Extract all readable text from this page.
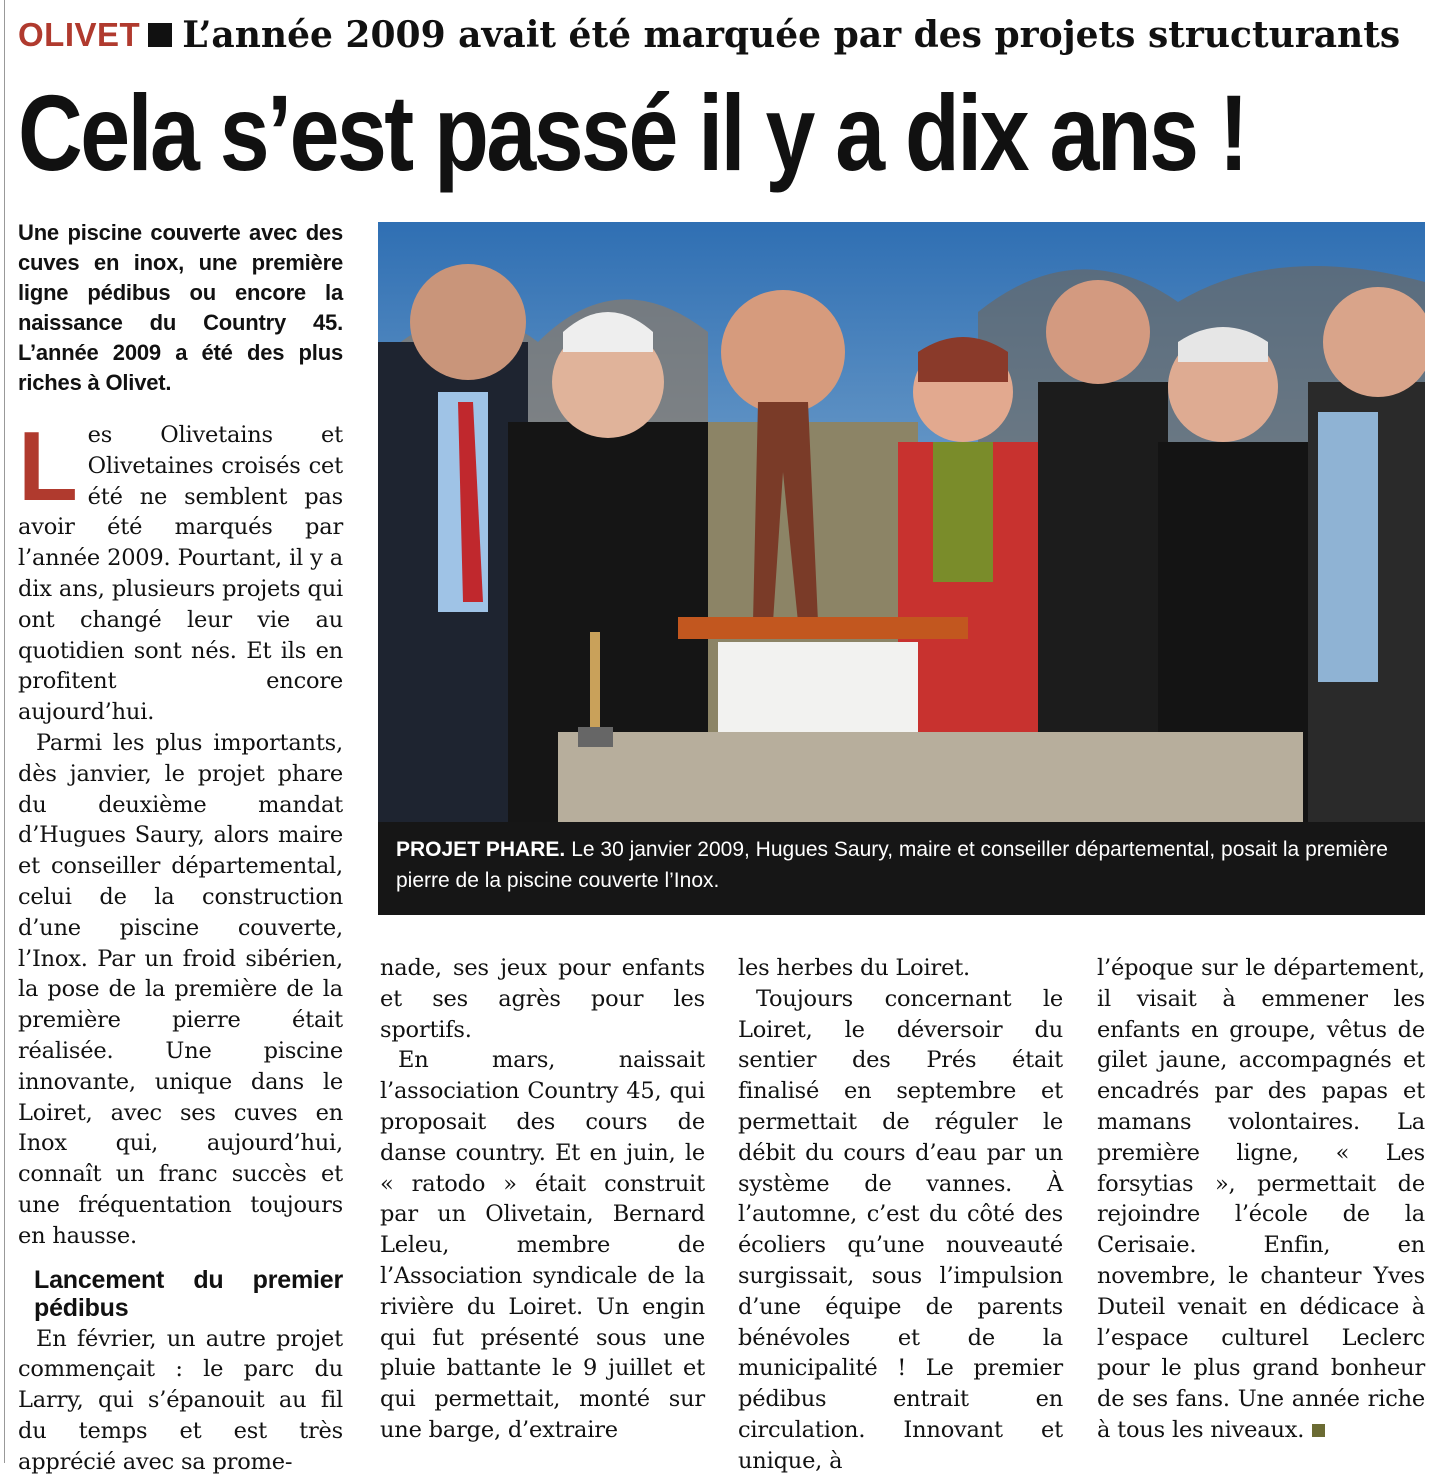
OLIVET L’année 2009 avait été marquée par des projets structurants
Cela s’est passé il y a dix ans !

Une piscine couverte avec des cuves en inox, une première ligne pédibus ou encore la naissance du Country 45. L’année 2009 a été des plus riches à Olivet.

PROJET PHARE. Le 30 janvier 2009, Hugues Saury, maire et conseiller départemental, posait la première pierre de la piscine couverte l’Inox.

Les Olivetains et Olivetaines croisés cet été ne semblent pas avoir été marqués par l’année 2009. Pourtant, il y a dix ans, plusieurs projets qui ont changé leur vie au quotidien sont nés. Et ils en profitent encore aujourd’hui.

Parmi les plus importants, dès janvier, le projet phare du deuxième mandat d’Hugues Saury, alors maire et conseiller départemental, celui de la construction d’une piscine couverte, l’Inox. Par un froid sibérien, la pose de la première de la première pierre était réalisée. Une piscine innovante, unique dans le Loiret, avec ses cuves en Inox qui, aujourd’hui, connaît un franc succès et une fréquentation toujours en hausse.

Lancement du premier pédibus

En février, un autre projet commençait : le parc du Larry, qui s’épanouit au fil du temps et est très apprécié avec sa prome-

nade, ses jeux pour enfants et ses agrès pour les sportifs.

En mars, naissait l’association Country 45, qui proposait des cours de danse country. Et en juin, le « ratodo » était construit par un Olivetain, Bernard Leleu, membre de l’Association syndicale de la rivière du Loiret. Un engin qui fut présenté sous une pluie battante le 9 juillet et qui permettait, monté sur une barge, d’extraire

les herbes du Loiret.

Toujours concernant le Loiret, le déversoir du sentier des Prés était finalisé en septembre et permettait de réguler le débit du cours d’eau par un système de vannes. À l’automne, c’est du côté des écoliers qu’une nouveauté surgissait, sous l’impulsion d’une équipe de parents bénévoles et de la municipalité ! Le premier pédibus entrait en circulation. Innovant et unique, à

l’époque sur le département, il visait à emmener les enfants en groupe, vêtus de gilet jaune, accompagnés et encadrés par des papas et mamans volontaires. La première ligne, « Les forsytias », permettait de rejoindre l’école de la Cerisaie. Enfin, en novembre, le chanteur Yves Duteil venait en dédicace à l’espace culturel Leclerc pour le plus grand bonheur de ses fans. Une année riche à tous les niveaux.
